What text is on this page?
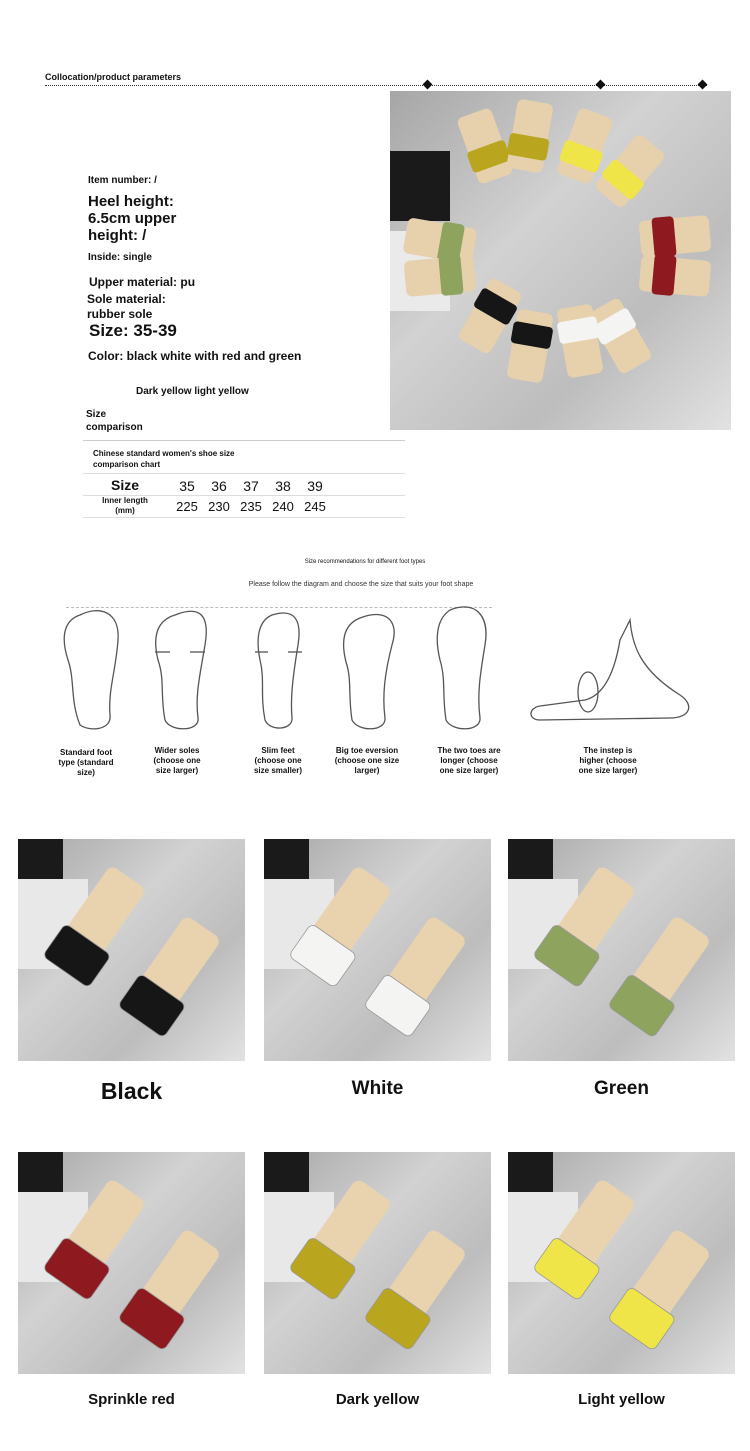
Collocation/product parameters
Item number: /
Heel height:
6.5cm upper
height: /
Inside: single
Upper material: pu
Sole material:
rubber sole
Size: 35-39
Color: black white with red and green
Dark yellow light yellow
Size
comparison
Chinese standard women's shoe size
comparison chart
Size	35	36	37	38	39
Inner length
(mm)	225 230 235 240 245
Size recommendations for different foot types
Please follow the diagram and choose the size that suits your foot shape
Standard foot
type (standard
size)
Wider soles
(choose one
size larger)
Slim feet
(choose one
size smaller)
Big toe eversion
(choose one size
larger)
The two toes are
longer (choose
one size larger)
The instep is
higher (choose
one size larger)
Black	White	Green
Sprinkle red	Dark yellow	Light yellow
